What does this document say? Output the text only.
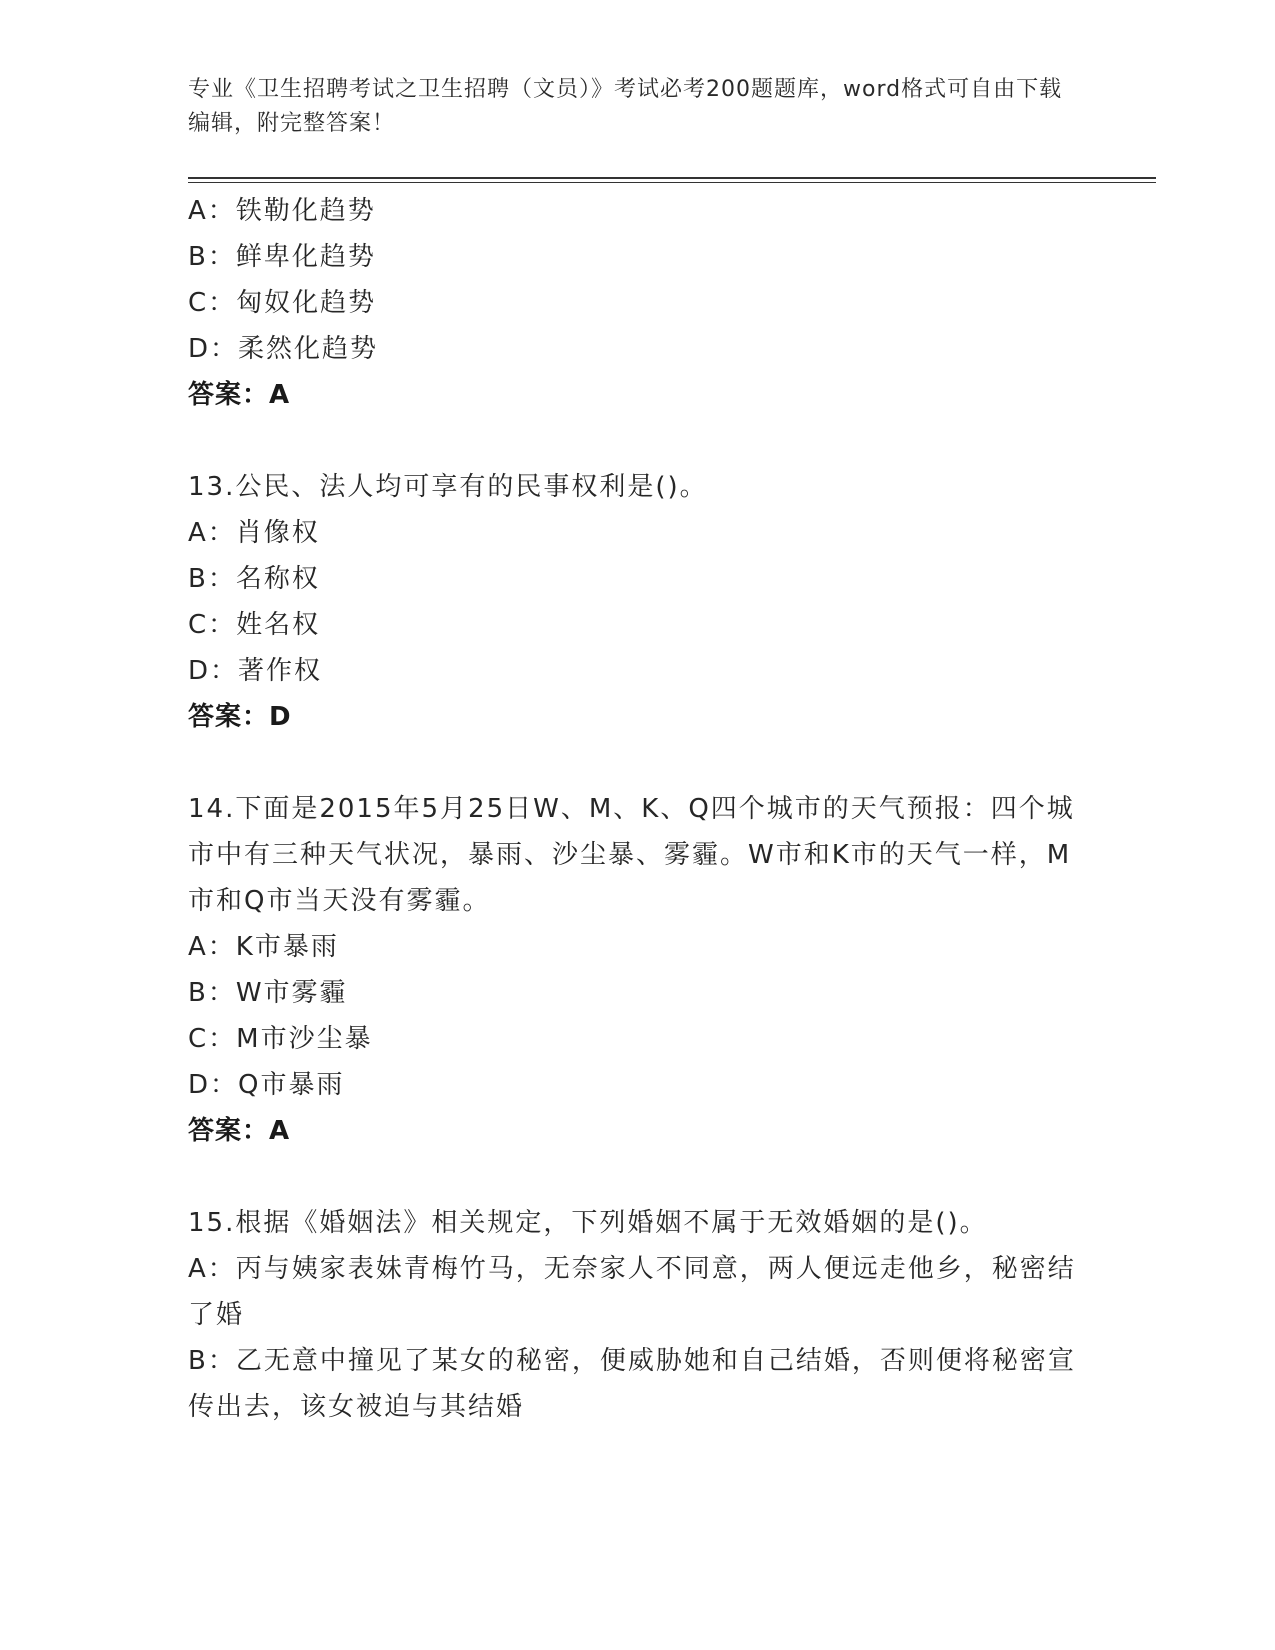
专业《卫生招聘考试之卫生招聘（文员）》考试必考200题题库，word格式可自由下载编辑，附完整答案！
A：铁勒化趋势
B：鲜卑化趋势
C：匈奴化趋势
D：柔然化趋势
答案：A
13.公民、法人均可享有的民事权利是()。
A：肖像权
B：名称权
C：姓名权
D：著作权
答案：D
14.下面是2015年5月25日W、M、K、Q四个城市的天气预报：四个城市中有三种天气状况，暴雨、沙尘暴、雾霾。W市和K市的天气一样，M市和Q市当天没有雾霾。
A：K市暴雨
B：W市雾霾
C：M市沙尘暴
D：Q市暴雨
答案：A
15.根据《婚姻法》相关规定，下列婚姻不属于无效婚姻的是()。
A：丙与姨家表妹青梅竹马，无奈家人不同意，两人便远走他乡，秘密结了婚
B：乙无意中撞见了某女的秘密，便威胁她和自己结婚，否则便将秘密宣传出去，该女被迫与其结婚
